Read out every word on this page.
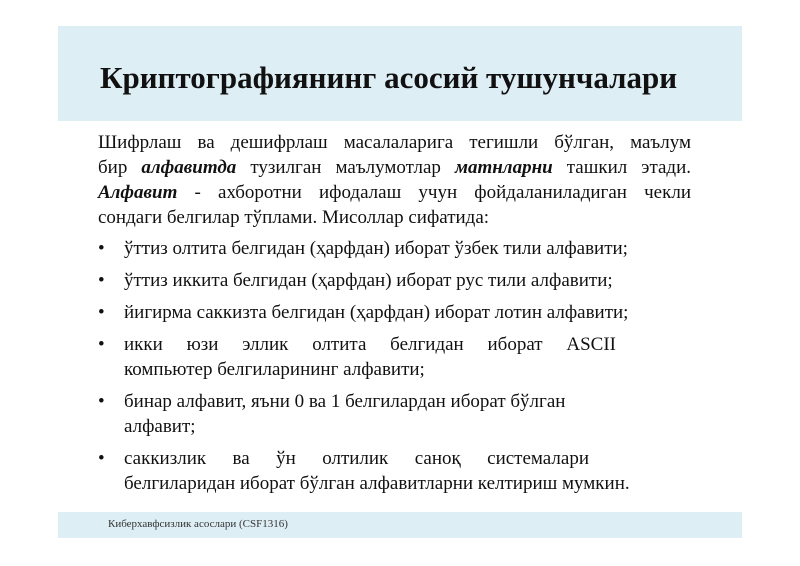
Криптографиянинг асосий тушунчалари

Шифрлаш ва дешифрлаш масалаларига тегишли бўлган, маълум
бир алфавитда тузилган маълумотлар матнларни ташкил этади.
Алфавит - ахборотни ифодалаш учун фойдаланиладиган чекли
сондаги белгилар тўплами. Мисоллар сифатида:

• ўттиз олтита белгидан (ҳарфдан) иборат ўзбек тили алфавити;
• ўттиз иккита белгидан (ҳарфдан) иборат рус тили алфавити;
• йигирма саккизта белгидан (ҳарфдан) иборат лотин алфавити;
• икки юзи эллик олтита белгидан иборат ASCII
компьютер белгиларининг алфавити;
• бинар алфавит, яъни 0 ва 1 белгилардан иборат бўлган
алфавит;
• саккизлик ва ўн олтилик саноқ системалари
белгиларидан иборат бўлган алфавитларни келтириш мумкин.
Киберхавфсизлик асослари (CSF1316)
